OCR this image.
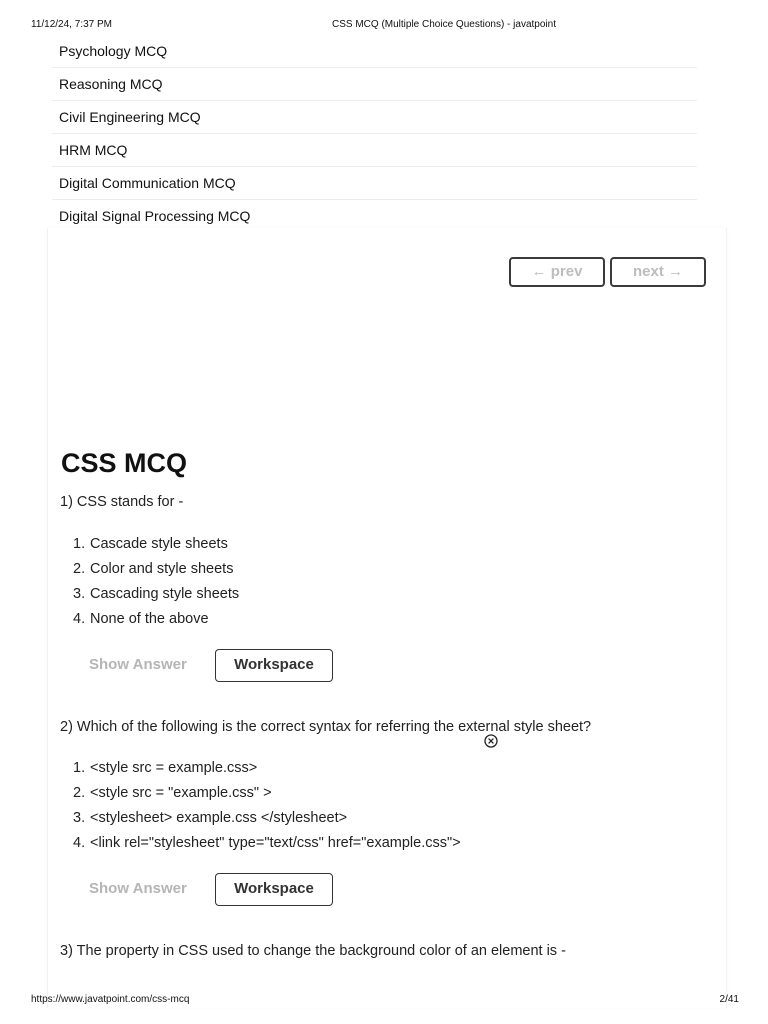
11/12/24, 7:37 PM	CSS MCQ (Multiple Choice Questions) - javatpoint
Psychology MCQ
Reasoning MCQ
Civil Engineering MCQ
HRM MCQ
Digital Communication MCQ
Digital Signal Processing MCQ
← prev	next →
CSS MCQ
1) CSS stands for -
1. Cascade style sheets
2. Color and style sheets
3. Cascading style sheets
4. None of the above
Show Answer	Workspace
2) Which of the following is the correct syntax for referring the external style sheet?
1. <style src = example.css>
2. <style src = "example.css" >
3. <stylesheet> example.css </stylesheet>
4. <link rel="stylesheet" type="text/css" href="example.css">
Show Answer	Workspace
3) The property in CSS used to change the background color of an element is -
https://www.javatpoint.com/css-mcq	2/41
